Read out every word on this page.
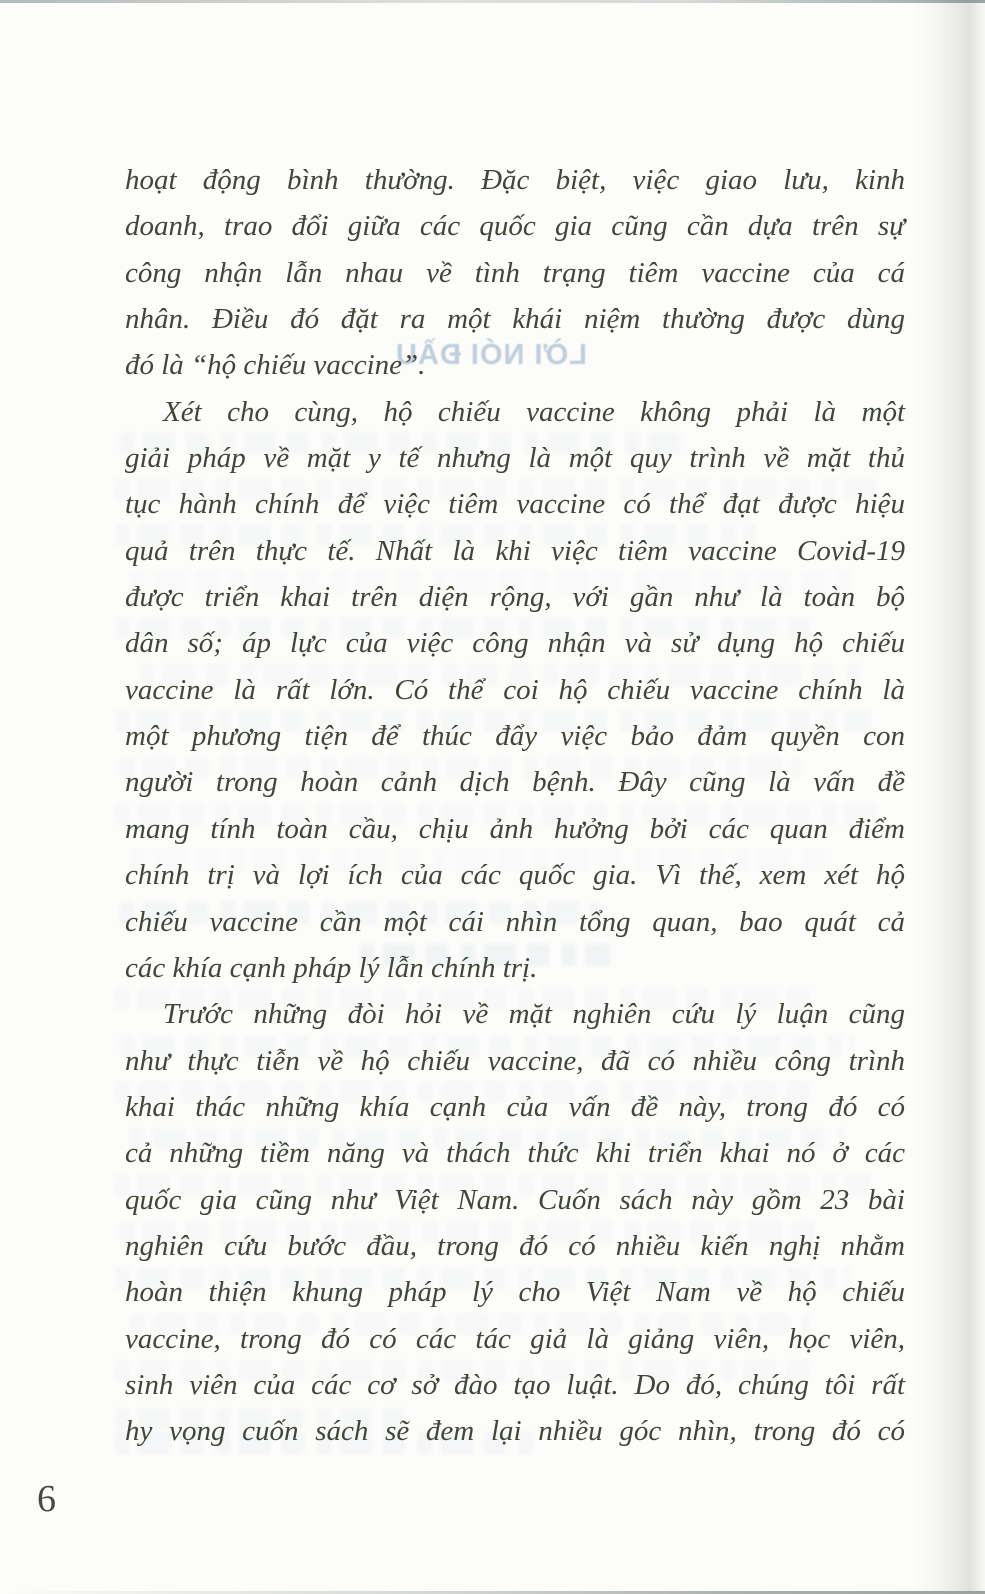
LỜI NÓI ĐẦU
hoạt động bình thường. Đặc biệt, việc giao lưu, kinh
doanh, trao đổi giữa các quốc gia cũng cần dựa trên sự
công nhận lẫn nhau về tình trạng tiêm vaccine của cá
nhân. Điều đó đặt ra một khái niệm thường được dùng
đó là “hộ chiếu vaccine”.
Xét cho cùng, hộ chiếu vaccine không phải là một
giải pháp về mặt y tế nhưng là một quy trình về mặt thủ
tục hành chính để việc tiêm vaccine có thể đạt được hiệu
quả trên thực tế. Nhất là khi việc tiêm vaccine Covid-19
được triển khai trên diện rộng, với gần như là toàn bộ
dân số; áp lực của việc công nhận và sử dụng hộ chiếu
vaccine là rất lớn. Có thể coi hộ chiếu vaccine chính là
một phương tiện để thúc đẩy việc bảo đảm quyền con
người trong hoàn cảnh dịch bệnh. Đây cũng là vấn đề
mang tính toàn cầu, chịu ảnh hưởng bởi các quan điểm
chính trị và lợi ích của các quốc gia. Vì thế, xem xét hộ
chiếu vaccine cần một cái nhìn tổng quan, bao quát cả
các khía cạnh pháp lý lẫn chính trị.
Trước những đòi hỏi về mặt nghiên cứu lý luận cũng
như thực tiễn về hộ chiếu vaccine, đã có nhiều công trình
khai thác những khía cạnh của vấn đề này, trong đó có
cả những tiềm năng và thách thức khi triển khai nó ở các
quốc gia cũng như Việt Nam. Cuốn sách này gồm 23 bài
nghiên cứu bước đầu, trong đó có nhiều kiến nghị nhằm
hoàn thiện khung pháp lý cho Việt Nam về hộ chiếu
vaccine, trong đó có các tác giả là giảng viên, học viên,
sinh viên của các cơ sở đào tạo luật. Do đó, chúng tôi rất
hy vọng cuốn sách sẽ đem lại nhiều góc nhìn, trong đó có
6
